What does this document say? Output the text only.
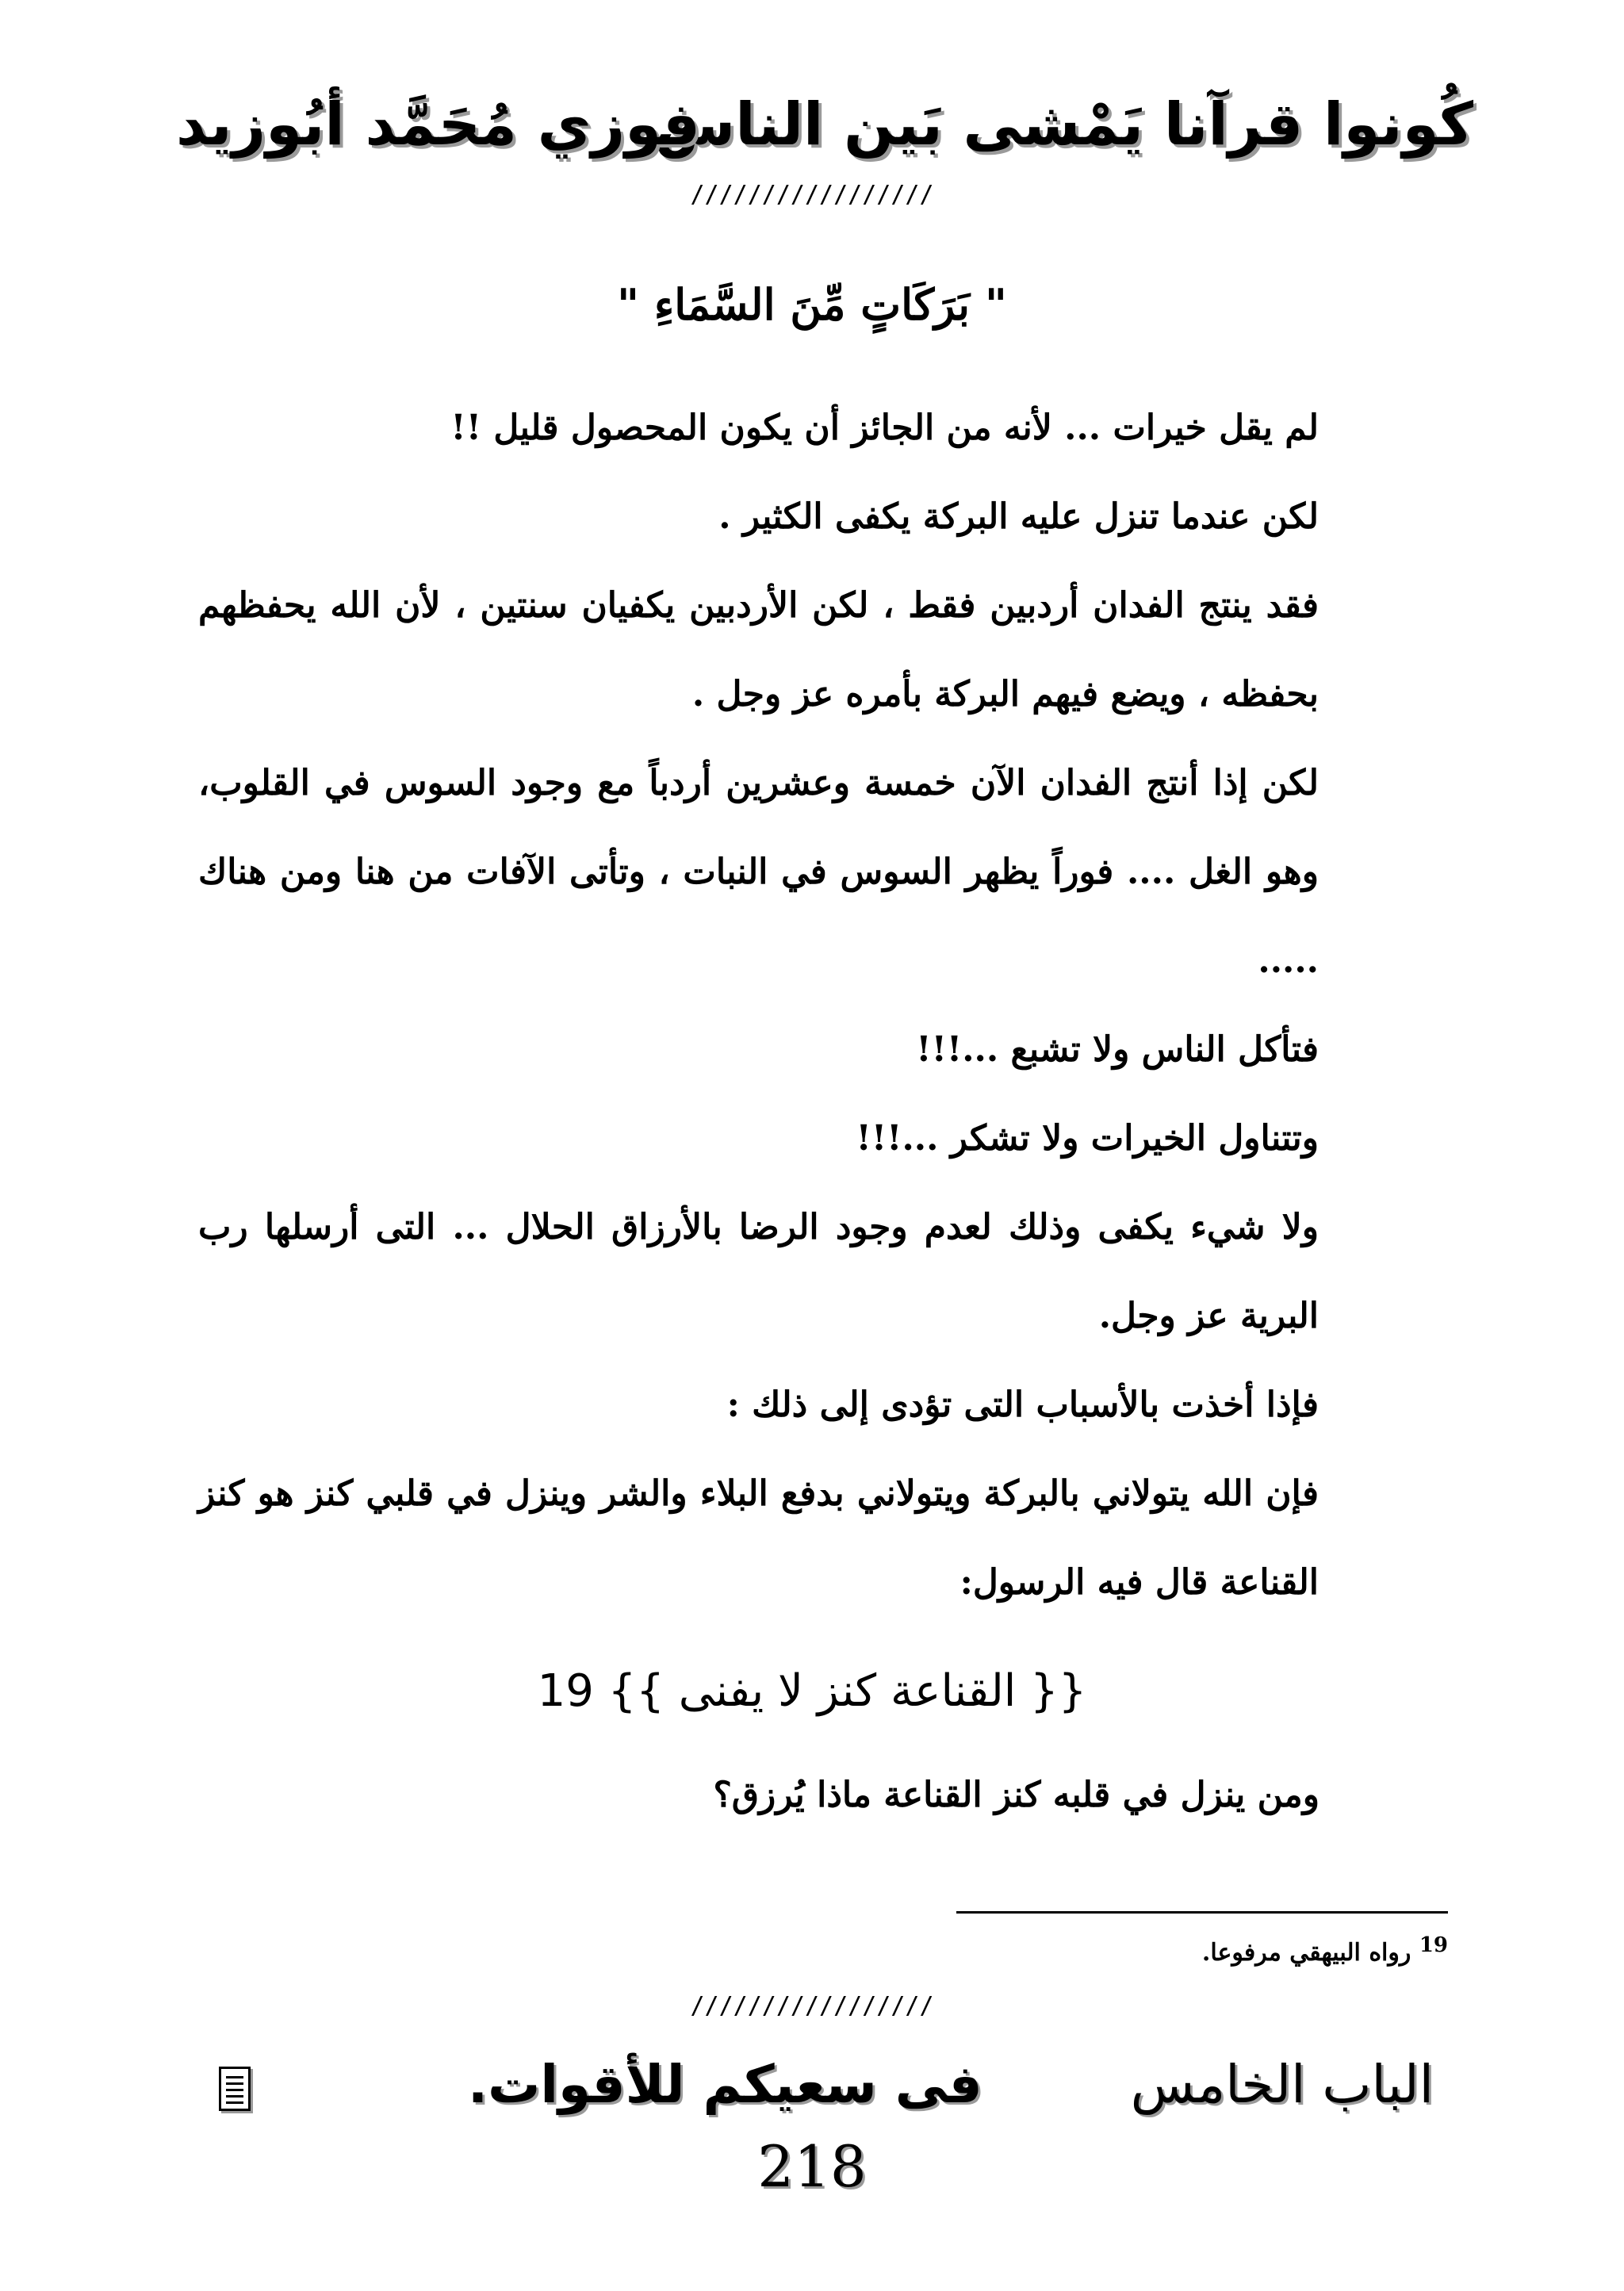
كُونوا قرآنا يَمْشى بَين الناس
فوزي مُحَمَّد أبُوزيد
/////////////////
" بَرَكَاتٍ مِّنَ السَّمَاءِ "

لم يقل خيرات ... لأنه من الجائز أن يكون المحصول قليل !!

لكن عندما تنزل عليه البركة يكفى الكثير .

فقد ينتج الفدان أردبين فقط ، لكن الأردبين يكفيان سنتين ، لأن الله يحفظهم بحفظه ، ويضع فيهم البركة بأمره عز وجل .

لكن إذا أنتج الفدان الآن خمسة وعشرين أردباً مع وجود السوس في القلوب، وهو الغل .... فوراً يظهر السوس في النبات ، وتأتى الآفات من هنا ومن هناك .....

فتأكل الناس ولا تشبع ...!!!

وتتناول الخيرات ولا تشكر ...!!!

ولا شيء يكفى وذلك لعدم وجود الرضا بالأرزاق الحلال ... التى أرسلها رب البرية عز وجل.

فإذا أخذت بالأسباب التى تؤدى إلى ذلك :

فإن الله يتولاني بالبركة ويتولاني بدفع البلاء والشر وينزل في قلبي كنز هو كنز القناعة قال فيه الرسول:

{{ القناعة كنز لا يفنى }} 19
ومن ينزل في قلبه كنز القناعة ماذا يُرزق؟
$^{19}$ رواه البيهقي مرفوعا.
/////////////////
الباب الخامس
فى سعيكم للأقوات.
218
